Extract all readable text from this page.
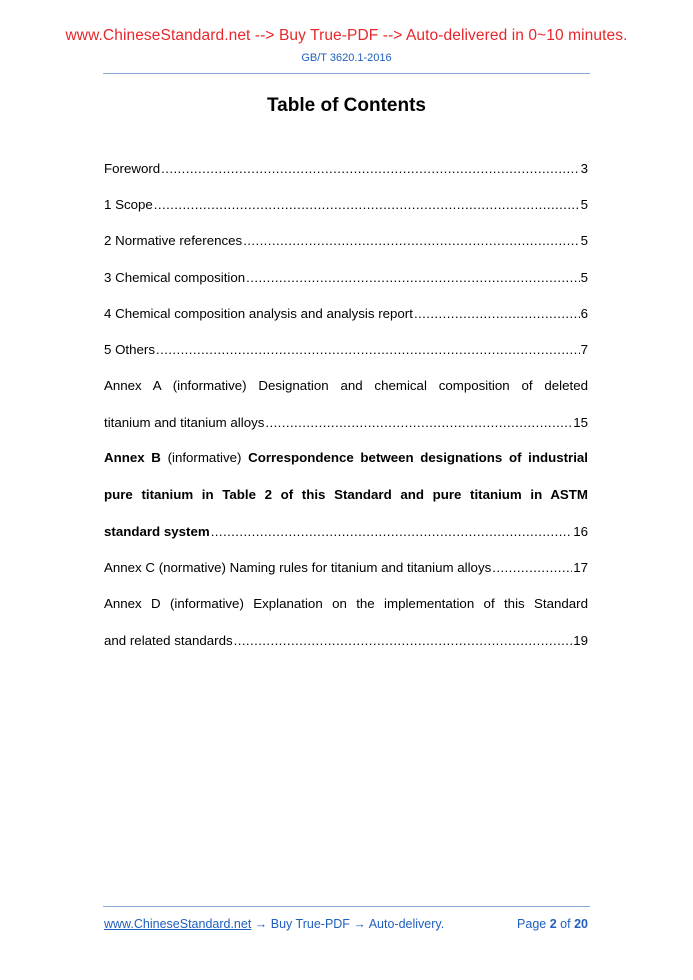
www.ChineseStandard.net --> Buy True-PDF --> Auto-delivered in 0~10 minutes.
GB/T 3620.1-2016
Table of Contents
Foreword .....	3
1 Scope .....	5
2 Normative references .....	5
3 Chemical composition .....	5
4 Chemical composition analysis and analysis report .....	6
5 Others .....	7
Annex A (informative) Designation and chemical composition of deleted
titanium and titanium alloys .....	15
Annex B (informative) Correspondence between designations of industrial
pure titanium in Table 2 of this Standard and pure titanium in ASTM
standard system .....	16
Annex C (normative) Naming rules for titanium and titanium alloys .....	17
Annex D (informative) Explanation on the implementation of this Standard
and related standards .....	19
www.ChineseStandard.net → Buy True-PDF → Auto-delivery.	Page 2 of 20
